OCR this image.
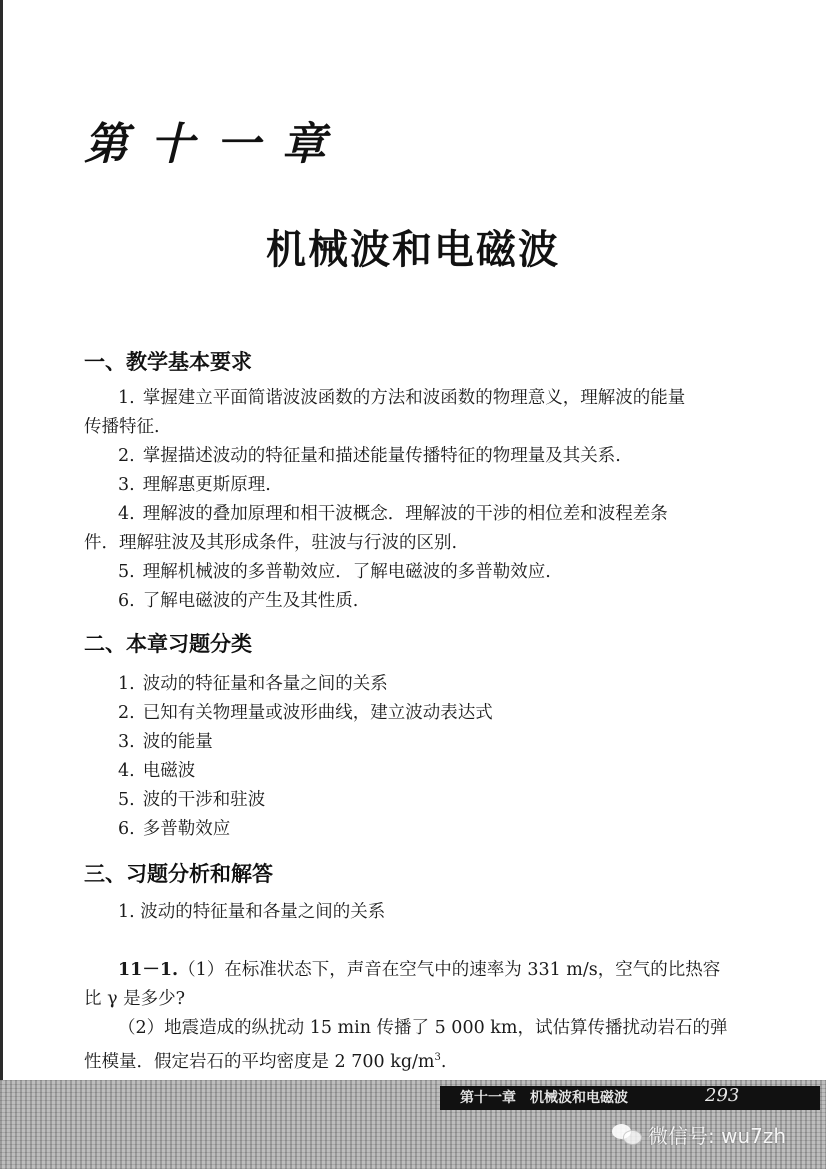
第十一章
机械波和电磁波
一、教学基本要求
1. 掌握建立平面简谐波波函数的方法和波函数的物理意义，理解波的能量
传播特征.
2. 掌握描述波动的特征量和描述能量传播特征的物理量及其关系.
3. 理解惠更斯原理.
4. 理解波的叠加原理和相干波概念．理解波的干涉的相位差和波程差条
件．理解驻波及其形成条件，驻波与行波的区别.
5. 理解机械波的多普勒效应．了解电磁波的多普勒效应.
6. 了解电磁波的产生及其性质.
二、本章习题分类
1. 波动的特征量和各量之间的关系
2. 已知有关物理量或波形曲线，建立波动表达式
3. 波的能量
4. 电磁波
5. 波的干涉和驻波
6. 多普勒效应
三、习题分析和解答
1. 波动的特征量和各量之间的关系
11－1.（1）在标准状态下，声音在空气中的速率为 331 m/s，空气的比热容
比 γ 是多少?
（2）地震造成的纵扰动 15 min 传播了 5 000 km，试估算传播扰动岩石的弹
性模量．假定岩石的平均密度是 2 700 $kg/m^3$.
第十一章　机械波和电磁波	293
微信号: wu7zh
